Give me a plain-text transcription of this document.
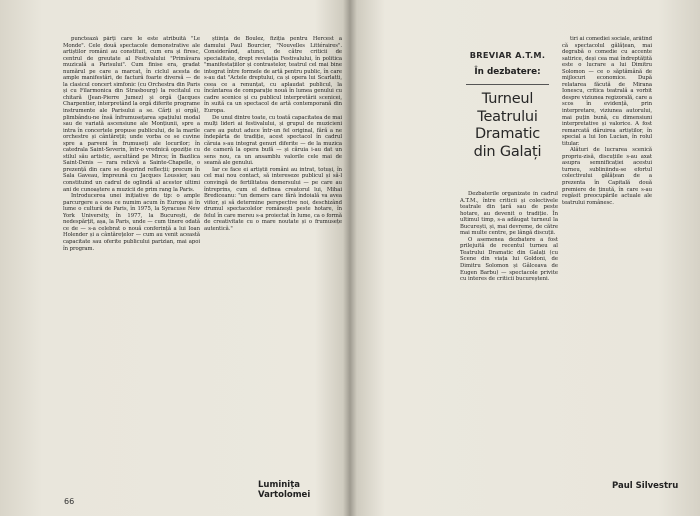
punctează părți care le este atribuită "Le Monde". Cele două spectacole demonstrative ale artiștilor români au constituit, cum era și firesc, centrul de greutate al Festivalului "Primăvara muzicală a Parisului". Cum finise era, gradat numărul pe care a marcat, în ciclul acesta de ample manifestări, de factură foarte diversă — de la clasicul concert simfonic (cu Orchestra din Paris și cu Filarmonica din Strasbourg) la recitalul cu chitară (Jean-Pierre Jumez) și orgă (Jacques Charpentier, interpretând la orgă diferite programe instrumente ale Parisului a se. Cărți și orgă), plimbându-ne însă înfrumusețarea spațiului modal sau de variată ascensiune ale Monțiunii, spre a intra în concertele propuse publicului, de la marile orchestre și cântăreții; unde vorba ce se cuvine spre a parveni în frumuseți ale locurilor; în catedrala Saint-Severin, într-o vrednică opoziție cu stilul său artistic, ascultând pe Mirce; în Bazilica Saint-Denis — rara relicvă a Sainte-Chapelle, o prezență din care se desprind reflecții; precum în Sala Gaveau, împreună cu Jacques Loussier, sau constituind un cadrul de oglindă al acestor ultimi ani de cunoaștere a muzicii de prim rang la Paris.

Introducerea unei inițiative de tip: o ample parcurgere a ceea ce numim acum în Europa și în lume o cultură de Paris, în 1975, la Syracuse New York University, în 1977, la București, de nedespărțit, așa, la Paris, unde — cum tinere odată ce de — s-a celebrat o nouă conferință a lui Ioan Holender și a cântărețelor — cum au venit această capacitate sau oferite publicului parizian, mai apoi în program.

știința de Boulez, fiziția pentru Hercest a damului Paul Bourcier, "Nouvelles Littéraires". Considerând, atunci, de către criticii de specialitate, drept revelația Festivalului, în politica "manifestațiilor și contrastelor, teatrul cel mai bine integrat între formele de artă pentru public, în care s-au dat "Actele dreptului, ca și opera lui Scarlatti, ceea ce a renunțat, cu aplaudat publicul, la încântarea de comparație nouă în lumea genului cu cadre scenice și cu publicul interpretării scenicei, în suită ca un spectacol de artă contemporană din Europa.

De unul dintre toate, cu toată capacitatea de mai mulți lideri ai festivalului, și grupul de muzicieni care au putut aduce într-un fel original, fără a ne îndepărta de tradiție, acest spectacol în cadrul căruia s-au integrat genuri diferite — de la muzica de cameră la opera bufă — și căruia i-au dat un sens nou, ca un ansamblu valorile cele mai de seamă ale genului.

Iar ce face ei artiștii români au intrat, totuși, în cel mai nou contact, să intereseze publicul și să-l convingă de fertilitatea demersului — pe care au întreprins, cum el definea creatorul lui, Mihai Brediceanu: "un demers care fără îndoială va avea viitor, și să determine perspective noi, deschizând drumul spectacolelor românești peste hotare, în felul în care mereu s-a proiectat în lume, ca o formă de creativitate cu o mare noutate și o frumusețe autentică."

Luminița Vartolomei
66
BREVIAR A.T.M.
În dezbatere:
Turneul
Teatrului
Dramatic
din Galați

Dezbaterile organizate în cadrul A.T.M., între criticii și colectivele teatrale din țară sau de peste hotare, au devenit o tradiție. În ultimul timp, s-a adăugat turneul la București, și, mai devreme, de către mai multe centre, pe lângă discuții.

O asemenea dezbatere a fost prilejuită de recentul turneu al Teatrului Dramatic din Galați (cu Scene din viața lui Goldoni, de Dimitru Solomon și Gâlceava de Eugen Barbu) — spectacole privite cu interes de criticii bucureșteni.

tiri ai comediei sociale, arătînd că spectacolul gălățean, mai degrabă o comedie cu accente satirice, deși cea mai îndreptățită este o lucrare a lui Dimitru Solomon — ce o săptămână de mijlocuri economice. După relatarea făcută de Mirana Ionescu, critica teatrală a vorbit despre viziunea regizorală, care a scos în evidență, prin interpretare, viziunea autorului, mai puțin bună, cu dimensiuni interpretative și valorice. A fost remarcată dăruirea artiștilor, în special a lui Ion Lucian, în rolul titular.

Alături de lucrarea scenică propriu-zisă, discuțiile s-au axat asupra semnificației acestui turneu, subliniindu-se efortul colectivului gălățean de a prezenta în Capitală două premiere de ținută, în care s-au regăsit preocupările actuale ale teatrului românesc.

Paul Silvestru
